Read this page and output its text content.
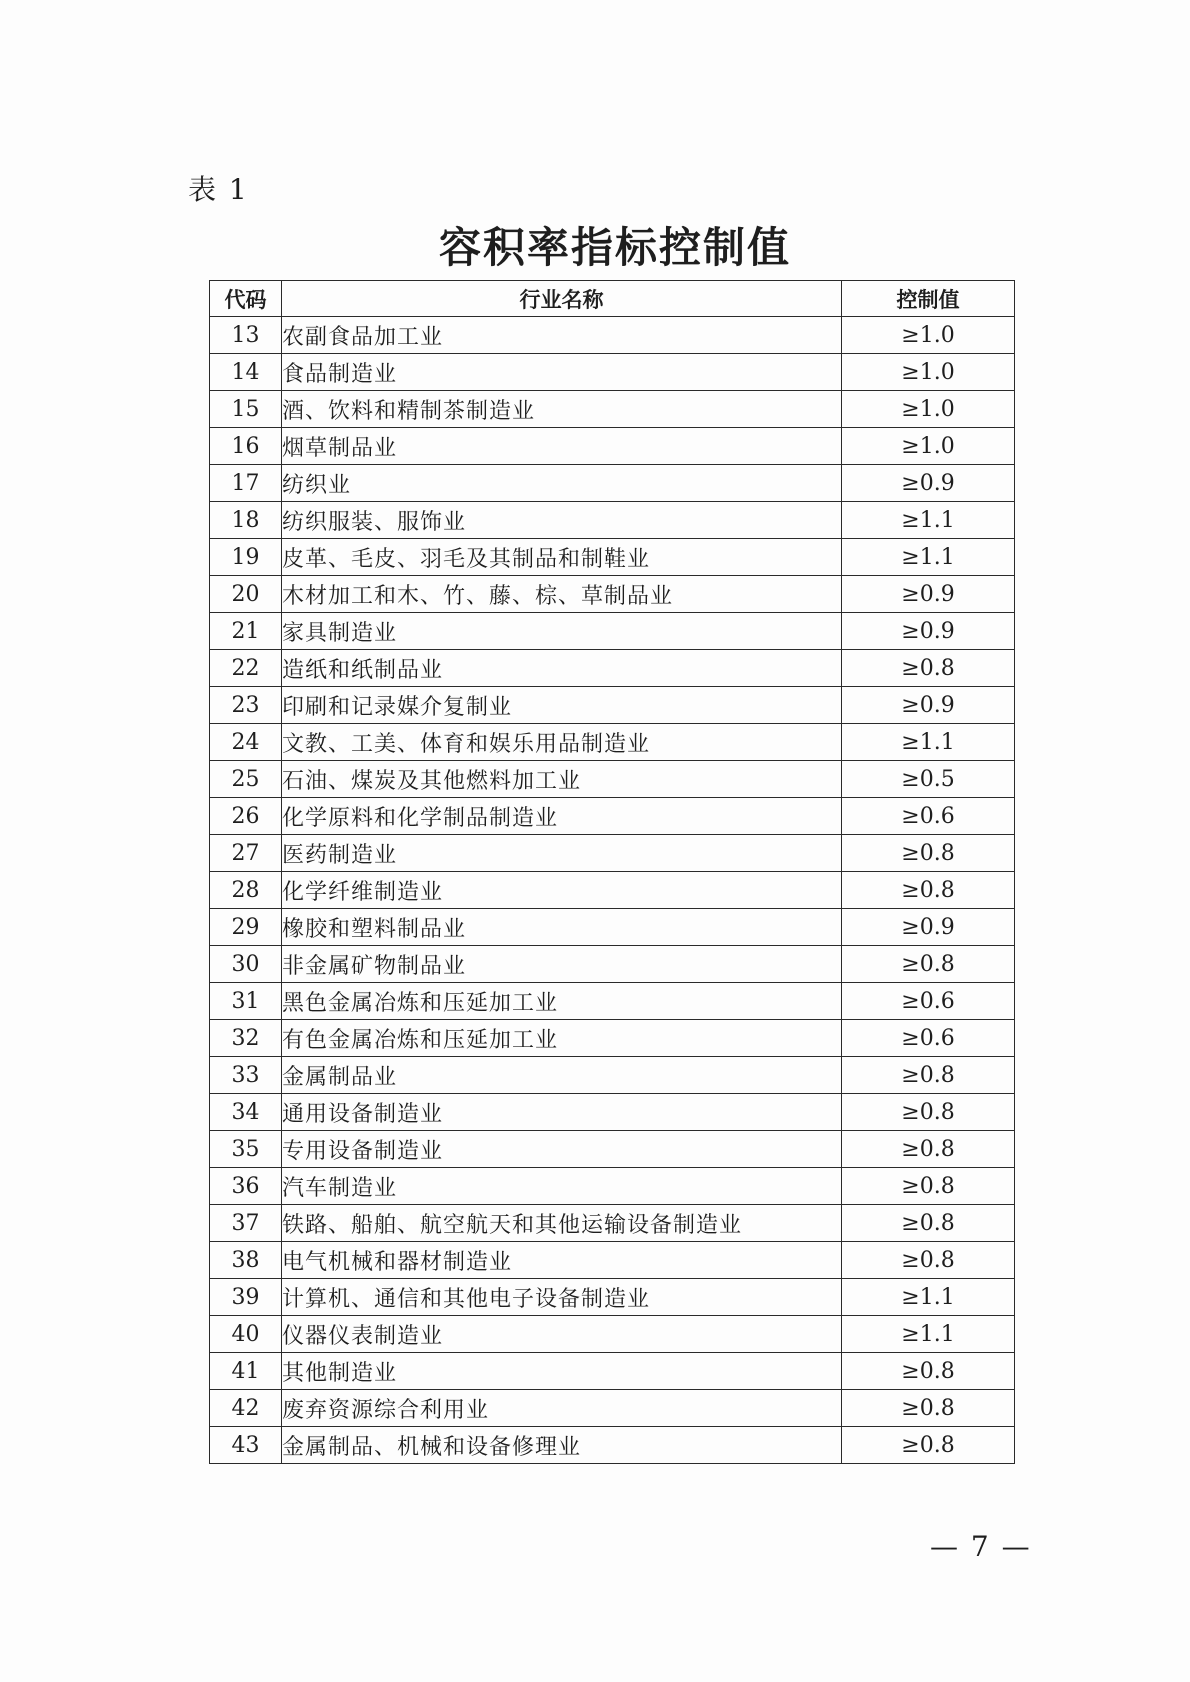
表 1
容积率指标控制值
代码	行业名称	控制值
13	农副食品加工业	≥1.0
14	食品制造业	≥1.0
15	酒、饮料和精制茶制造业	≥1.0
16	烟草制品业	≥1.0
17	纺织业	≥0.9
18	纺织服装、服饰业	≥1.1
19	皮革、毛皮、羽毛及其制品和制鞋业	≥1.1
20	木材加工和木、竹、藤、棕、草制品业	≥0.9
21	家具制造业	≥0.9
22	造纸和纸制品业	≥0.8
23	印刷和记录媒介复制业	≥0.9
24	文教、工美、体育和娱乐用品制造业	≥1.1
25	石油、煤炭及其他燃料加工业	≥0.5
26	化学原料和化学制品制造业	≥0.6
27	医药制造业	≥0.8
28	化学纤维制造业	≥0.8
29	橡胶和塑料制品业	≥0.9
30	非金属矿物制品业	≥0.8
31	黑色金属冶炼和压延加工业	≥0.6
32	有色金属冶炼和压延加工业	≥0.6
33	金属制品业	≥0.8
34	通用设备制造业	≥0.8
35	专用设备制造业	≥0.8
36	汽车制造业	≥0.8
37	铁路、船舶、航空航天和其他运输设备制造业	≥0.8
38	电气机械和器材制造业	≥0.8
39	计算机、通信和其他电子设备制造业	≥1.1
40	仪器仪表制造业	≥1.1
41	其他制造业	≥0.8
42	废弃资源综合利用业	≥0.8
43	金属制品、机械和设备修理业	≥0.8
— 7 —
